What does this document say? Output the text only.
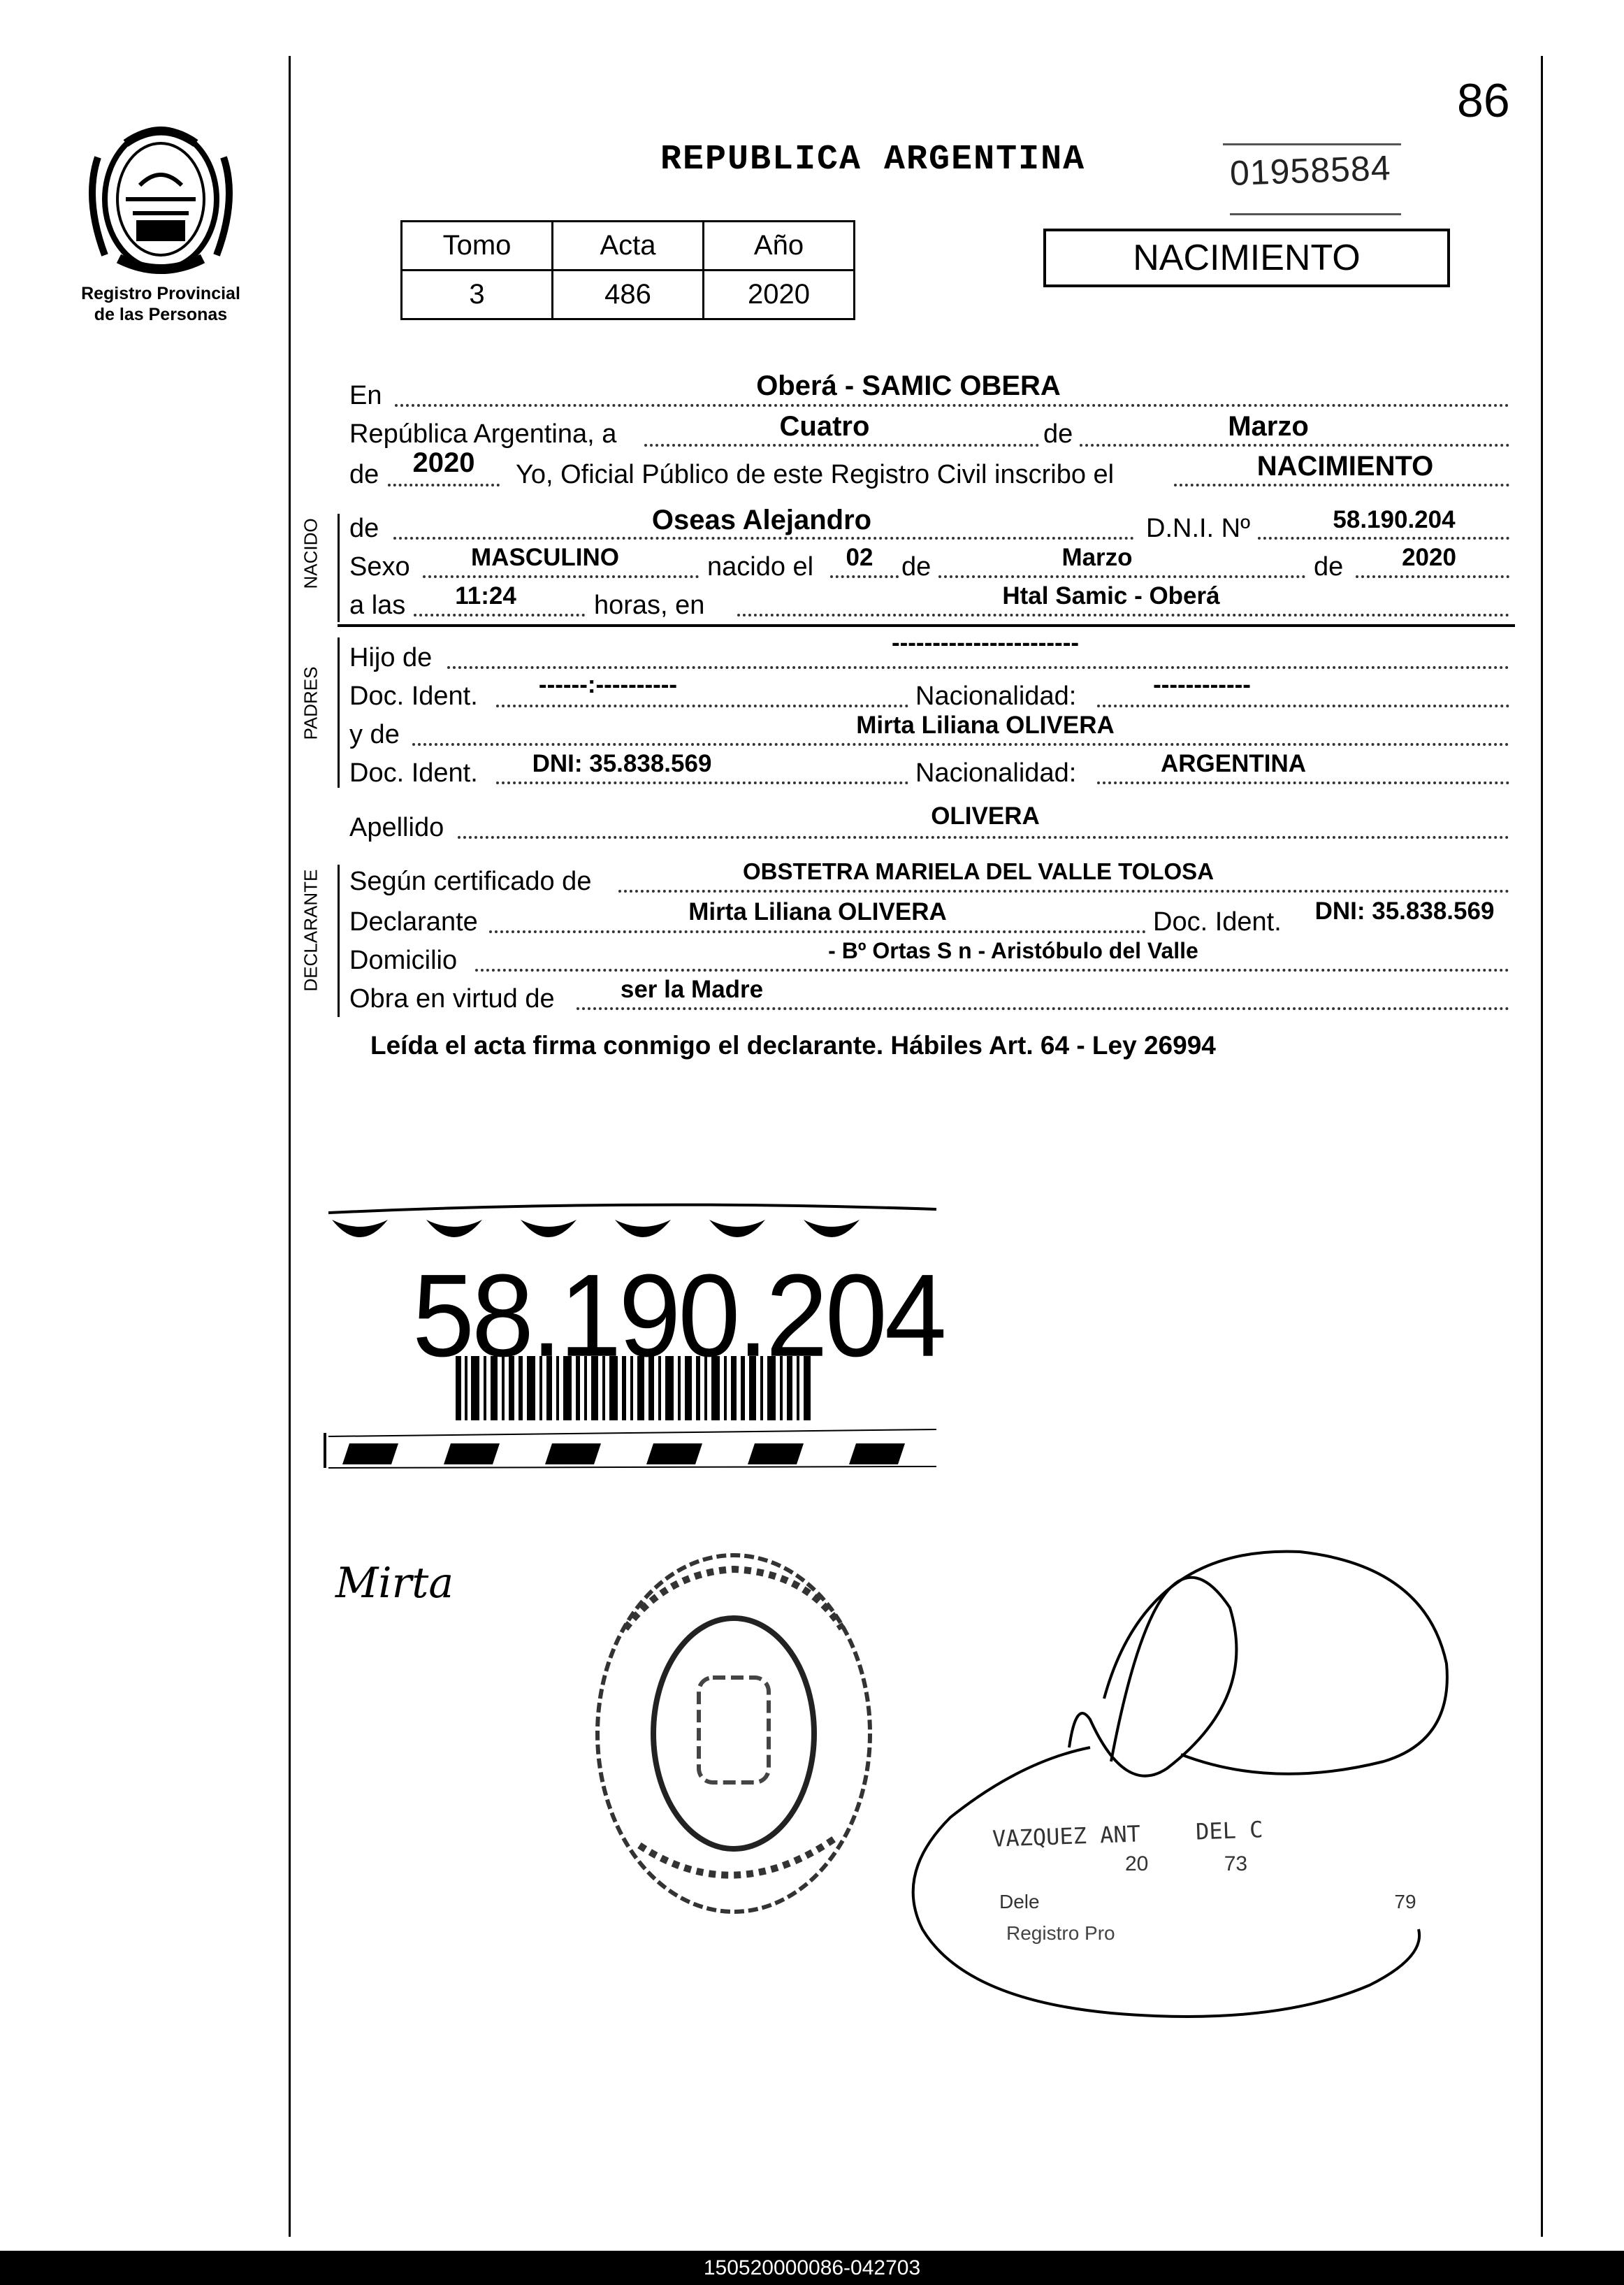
Registro Provincial
de las Personas
86
REPUBLICA ARGENTINA	01958584
Tomo	Acta	Año
3	486	2020
NACIMIENTO
En	Oberá - SAMIC OBERA
República Argentina, a	Cuatro	de	Marzo
de	2020	Yo, Oficial Público de este Registro Civil inscribo el	NACIMIENTO
NACIDO de	Oseas Alejandro	D.N.I. Nº	58.190.204
Sexo	MASCULINO	nacido el	02 de	Marzo	de	2020
a las	11:24	horas, en	Htal Samic - Oberá
PADRES
Hijo de
-----------------------
Doc. Ident.	------:----------	Nacionalidad:	------------
y de	Mirta Liliana OLIVERA
Doc. Ident.	DNI: 35.838.569	Nacionalidad:	ARGENTINA
Apellido	OLIVERA
DECLARANTE Según certificado de	OBSTETRA MARIELA DEL VALLE TOLOSA
Declarante	Mirta Liliana OLIVERA	Doc. Ident.	DNI: 35.838.569
Domicilio	- Bº Ortas S n - Aristóbulo del Valle
Obra en virtud de	ser la Madre
Leída el acta firma conmigo el declarante. Hábiles Art. 64 - Ley 26994
58.190.204
Mirta
VAZQUEZ ANT DEL C
20	73
Dele	79
Registro Pro
150520000086-042703
